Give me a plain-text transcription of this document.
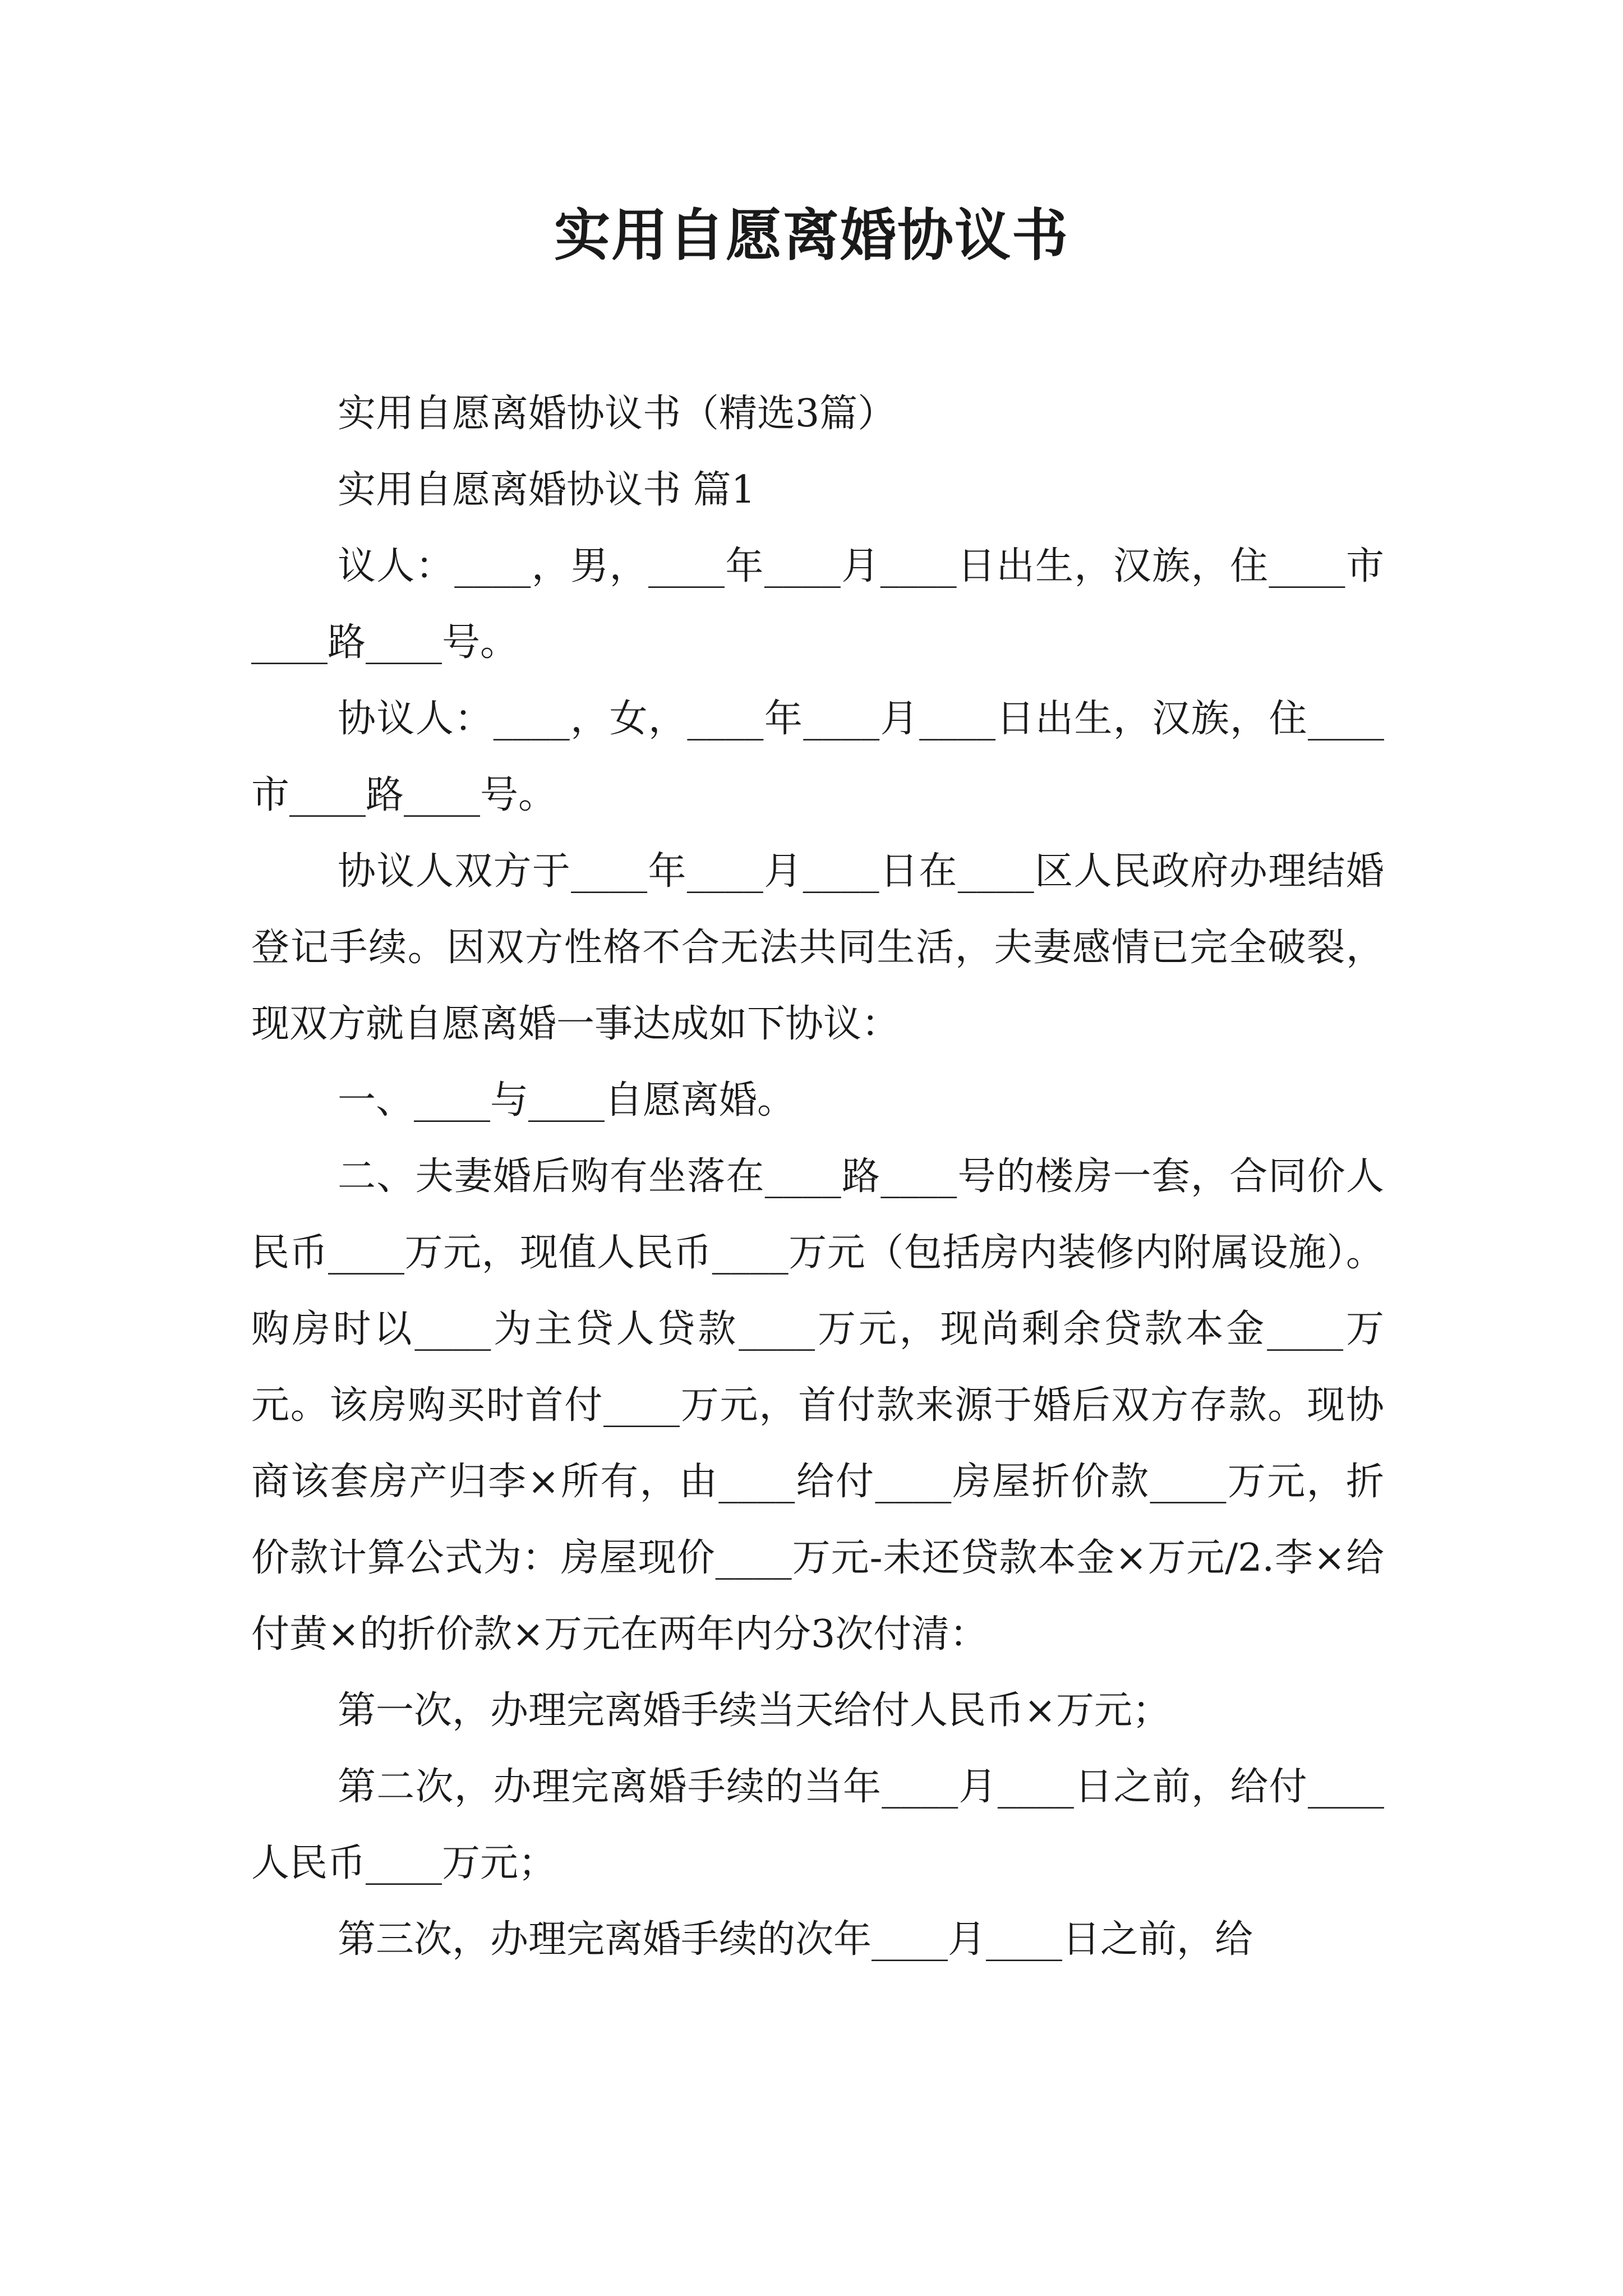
实用自愿离婚协议书

实用自愿离婚协议书（精选3篇）

实用自愿离婚协议书 篇1

议人：____，男，____年____月____日出生，汉族，住____市____路____号。

协议人：____，女，____年____月____日出生，汉族，住____市____路____号。

协议人双方于____年____月____日在____区人民政府办理结婚登记手续。因双方性格不合无法共同生活，夫妻感情已完全破裂，现双方就自愿离婚一事达成如下协议：

一、____与____自愿离婚。

二、夫妻婚后购有坐落在____路____号的楼房一套，合同价人民币____万元，现值人民币____万元（包括房内装修内附属设施）。购房时以____为主贷人贷款____万元，现尚剩余贷款本金____万元。该房购买时首付____万元，首付款来源于婚后双方存款。现协商该套房产归李×所有，由____给付____房屋折价款____万元，折价款计算公式为：房屋现价____万元-未还贷款本金×万元/2.李×给付黄×的折价款×万元在两年内分3次付清：

第一次，办理完离婚手续当天给付人民币×万元；

第二次，办理完离婚手续的当年____月____日之前，给付____人民币____万元；

第三次，办理完离婚手续的次年____月____日之前，给
